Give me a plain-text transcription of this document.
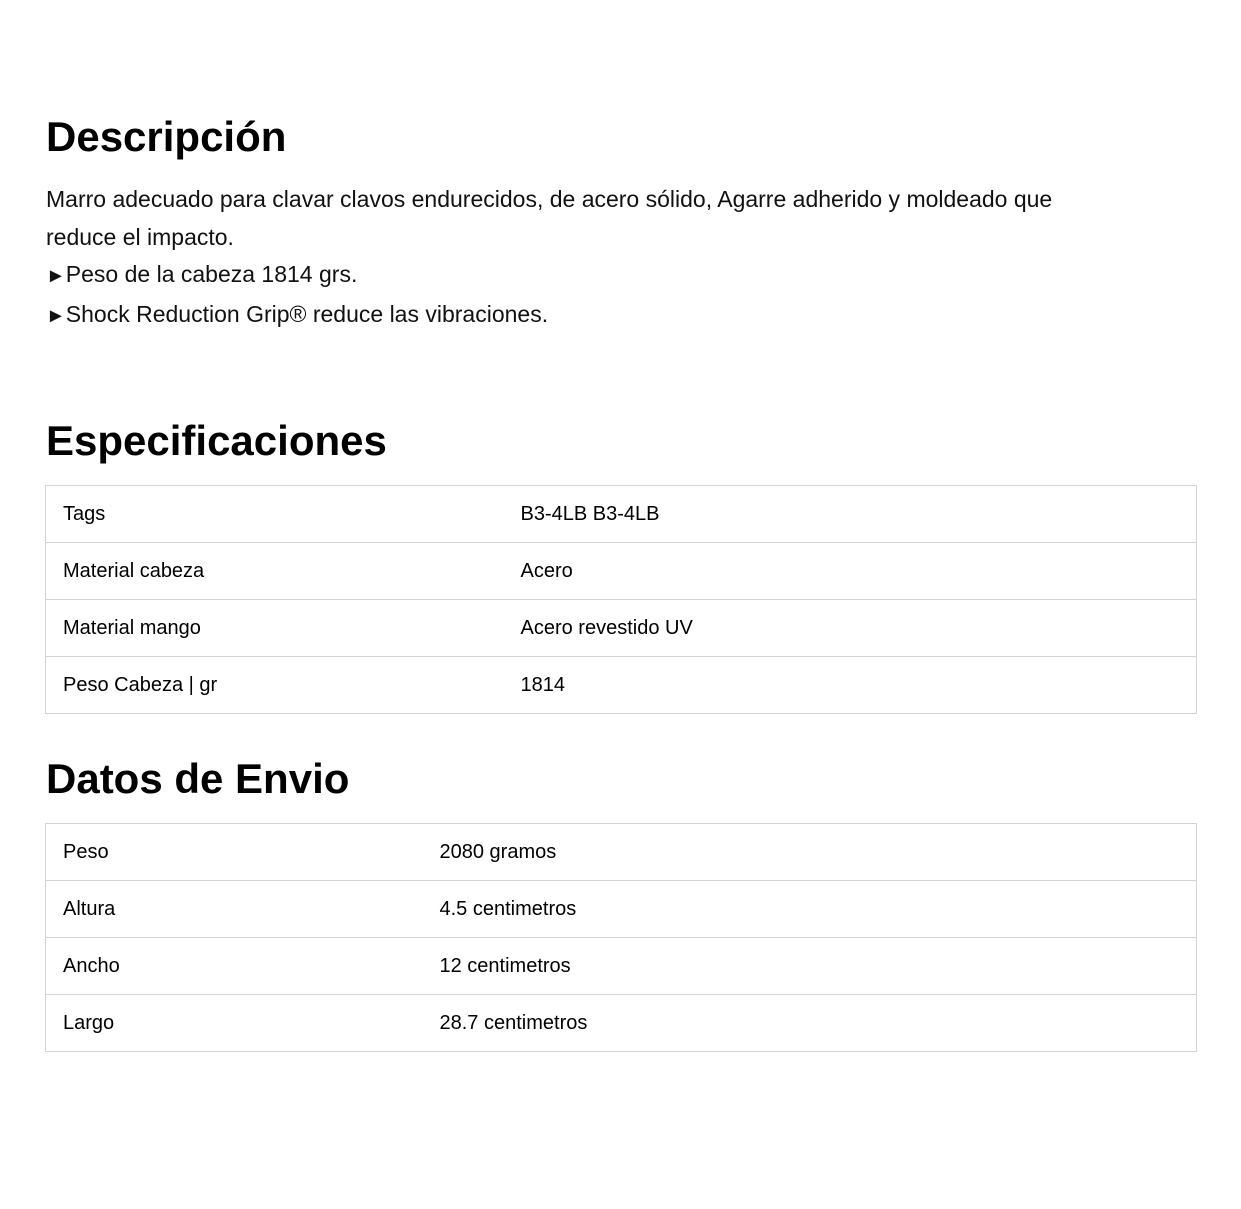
Descripción
Marro adecuado para clavar clavos endurecidos, de acero sólido, Agarre adherido y moldeado que
reduce el impacto.
►Peso de la cabeza 1814 grs.
►Shock Reduction Grip® reduce las vibraciones.
Especificaciones
Tags	B3-4LB B3-4LB
Material cabeza	Acero
Material mango	Acero revestido UV
Peso Cabeza | gr	1814
Datos de Envio
Peso	2080 gramos
Altura	4.5 centimetros
Ancho	12 centimetros
Largo	28.7 centimetros
